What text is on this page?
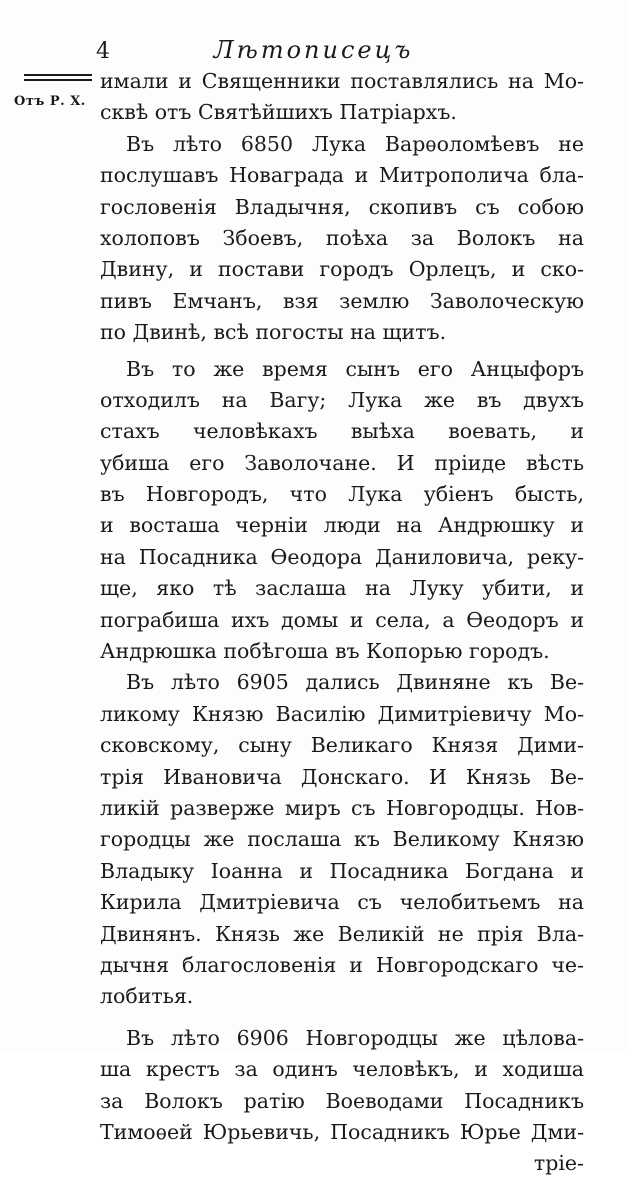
4	Лѣтописецъ
Отъ Р. Х.
имали и Священники поставлялись на Мо-
сквѣ отъ Святѣйшихъ Патріархъ.
Въ лѣто 6850 Лука Варѳоломѣевъ не
послушавъ Новаграда и Митрополича бла-
гословенія Владычня, скопивъ съ собою
холоповъ Збоевъ, поѣха за Волокъ на
Двину, и постави городъ Орлецъ, и ско-
пивъ Емчанъ, взя землю Заволоческую
по Двинѣ, всѣ погосты на щитъ.
Въ то же время сынъ его Анцыфоръ
отходилъ на Вагу; Лука же въ двухъ
стахъ человѣкахъ выѣха воевать, и
убиша его Заволочане. И пріиде вѣсть
въ Новгородъ, что Лука убіенъ бысть,
и восташа черніи люди на Андрюшку и
на Посадника Ѳеодора Даниловича, реку-
ще, яко тѣ заслаша на Луку убити, и
пограбиша ихъ домы и села, а Ѳеодоръ и
Андрюшка побѣгоша въ Копорью городъ.
Въ лѣто 6905 дались Двиняне къ Ве-
ликому Князю Василію Димитріевичу Мо-
сковскому, сыну Великаго Князя Дими-
трія Ивановича Донскаго. И Князь Ве-
ликій разверже миръ съ Новгородцы. Нов-
городцы же послаша къ Великому Князю
Владыку Іоанна и Посадника Богдана и
Кирила Дмитріевича съ челобитьемъ на
Двинянъ. Князь же Великій не прія Вла-
дычня благословенія и Новгородскаго че-
лобитья.
Въ лѣто 6906 Новгородцы же цѣлова-
ша крестъ за одинъ человѣкъ, и ходиша
за Волокъ ратію Воеводами Посадникъ
Тимоѳей Юрьевичь, Посадникъ Юрье Дми-
тріе-
